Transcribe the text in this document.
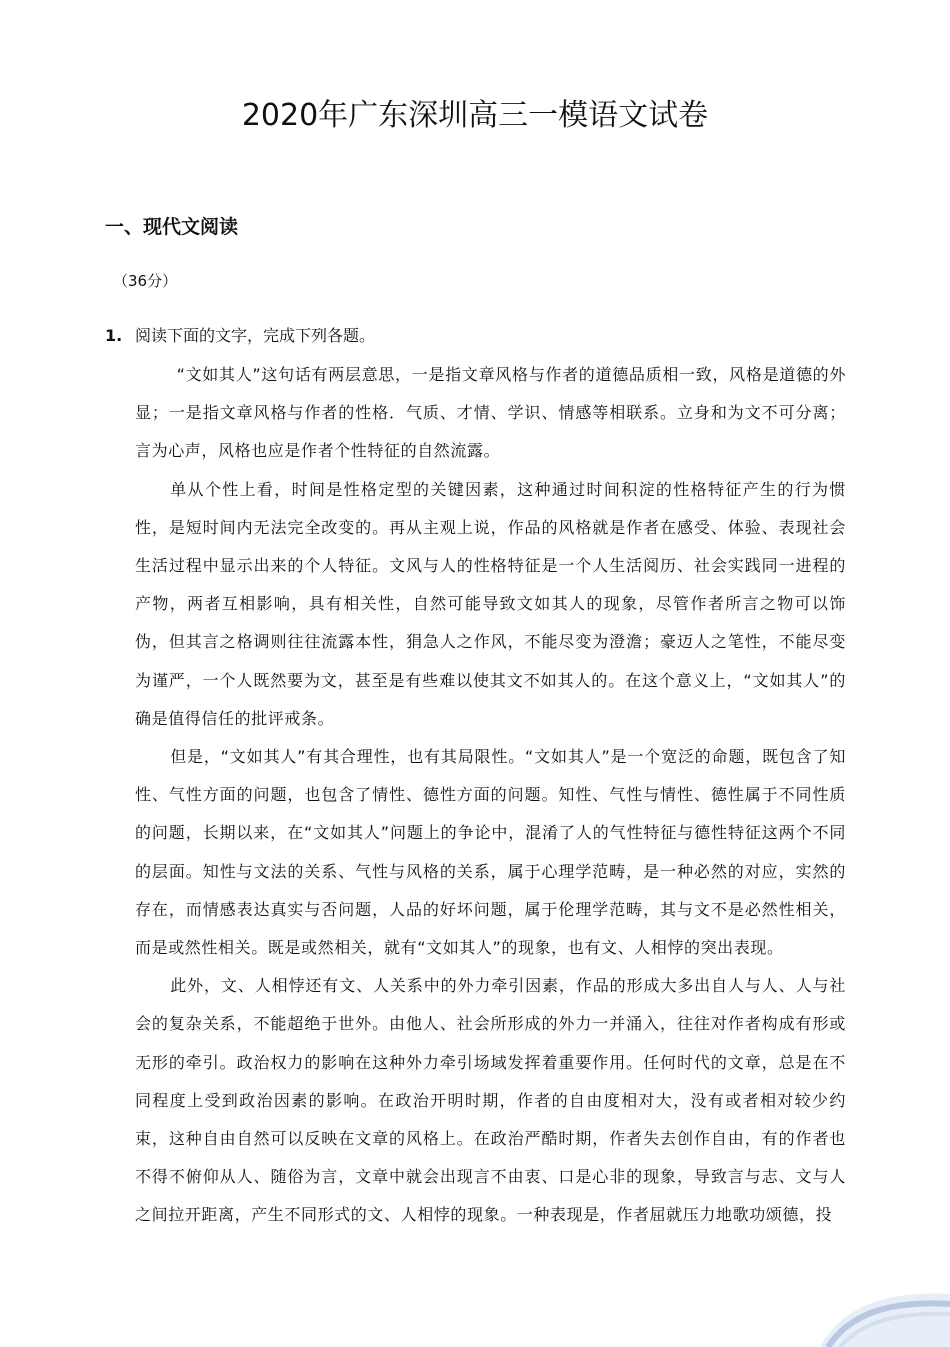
2020年广东深圳高三一模语文试卷
一、现代文阅读
（36分）
1. 阅读下面的文字，完成下列各题。

“文如其人”这句话有两层意思，一是指文章风格与作者的道德品质相一致，风格是道德的外显；一是指文章风格与作者的性格．气质、才情、学识、情感等相联系。立身和为文不可分离；言为心声，风格也应是作者个性特征的自然流露。

单从个性上看，时间是性格定型的关键因素，这种通过时间积淀的性格特征产生的行为惯性，是短时间内无法完全改变的。再从主观上说，作品的风格就是作者在感受、体验、表现社会生活过程中显示出来的个人特征。文风与人的性格特征是一个人生活阅历、社会实践同一进程的产物，两者互相影响，具有相关性，自然可能导致文如其人的现象，尽管作者所言之物可以饰伪，但其言之格调则往往流露本性，狷急人之作风，不能尽变为澄澹；豪迈人之笔性，不能尽变为谨严，一个人既然要为文，甚至是有些难以使其文不如其人的。在这个意义上，“文如其人”的确是值得信任的批评戒条。

但是，“文如其人”有其合理性，也有其局限性。“文如其人”是一个宽泛的命题，既包含了知性、气性方面的问题，也包含了情性、德性方面的问题。知性、气性与情性、德性属于不同性质的问题，长期以来，在“文如其人”问题上的争论中，混淆了人的气性特征与德性特征这两个不同的层面。知性与文法的关系、气性与风格的关系，属于心理学范畴，是一种必然的对应，实然的存在，而情感表达真实与否问题，人品的好坏问题，属于伦理学范畴，其与文不是必然性相关，而是或然性相关。既是或然相关，就有“文如其人”的现象，也有文、人相悖的突出表现。

此外，文、人相悖还有文、人关系中的外力牵引因素，作品的形成大多出自人与人、人与社会的复杂关系，不能超绝于世外。由他人、社会所形成的外力一并涌入，往往对作者构成有形或无形的牵引。政治权力的影响在这种外力牵引场域发挥着重要作用。任何时代的文章，总是在不同程度上受到政治因素的影响。在政治开明时期，作者的自由度相对大，没有或者相对较少约束，这种自由自然可以反映在文章的风格上。在政治严酷时期，作者失去创作自由，有的作者也不得不俯仰从人、随俗为言，文章中就会出现言不由衷、口是心非的现象，导致言与志、文与人之间拉开距离，产生不同形式的文、人相悖的现象。一种表现是，作者屈就压力地歌功颂德，投
